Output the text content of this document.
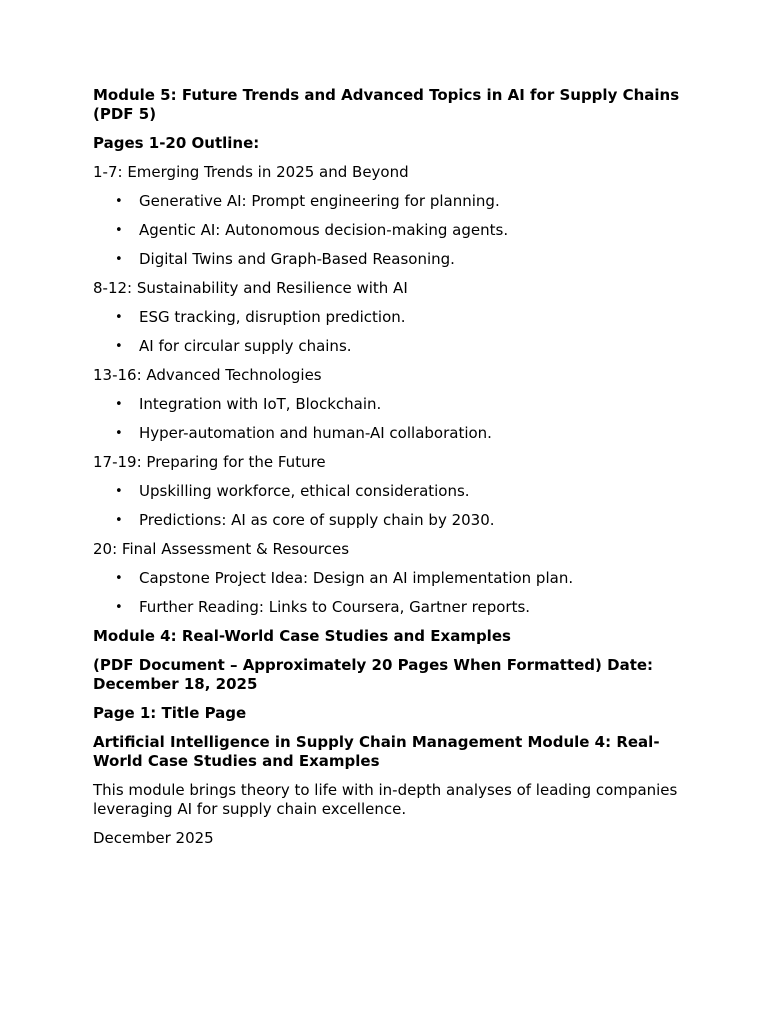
Module 5: Future Trends and Advanced Topics in AI for Supply Chains (PDF 5)

Pages 1-20 Outline:

1-7: Emerging Trends in 2025 and Beyond

• Generative AI: Prompt engineering for planning.
• Agentic AI: Autonomous decision-making agents.
• Digital Twins and Graph-Based Reasoning.

8-12: Sustainability and Resilience with AI

• ESG tracking, disruption prediction.
• AI for circular supply chains.

13-16: Advanced Technologies

• Integration with IoT, Blockchain.
• Hyper-automation and human-AI collaboration.

17-19: Preparing for the Future

• Upskilling workforce, ethical considerations.
• Predictions: AI as core of supply chain by 2030.

20: Final Assessment & Resources

• Capstone Project Idea: Design an AI implementation plan.
• Further Reading: Links to Coursera, Gartner reports.

Module 4: Real-World Case Studies and Examples

(PDF Document – Approximately 20 Pages When Formatted) Date: December 18, 2025

Page 1: Title Page

Artificial Intelligence in Supply Chain Management Module 4: Real-World Case Studies and Examples

This module brings theory to life with in-depth analyses of leading companies leveraging AI for supply chain excellence.

December 2025
